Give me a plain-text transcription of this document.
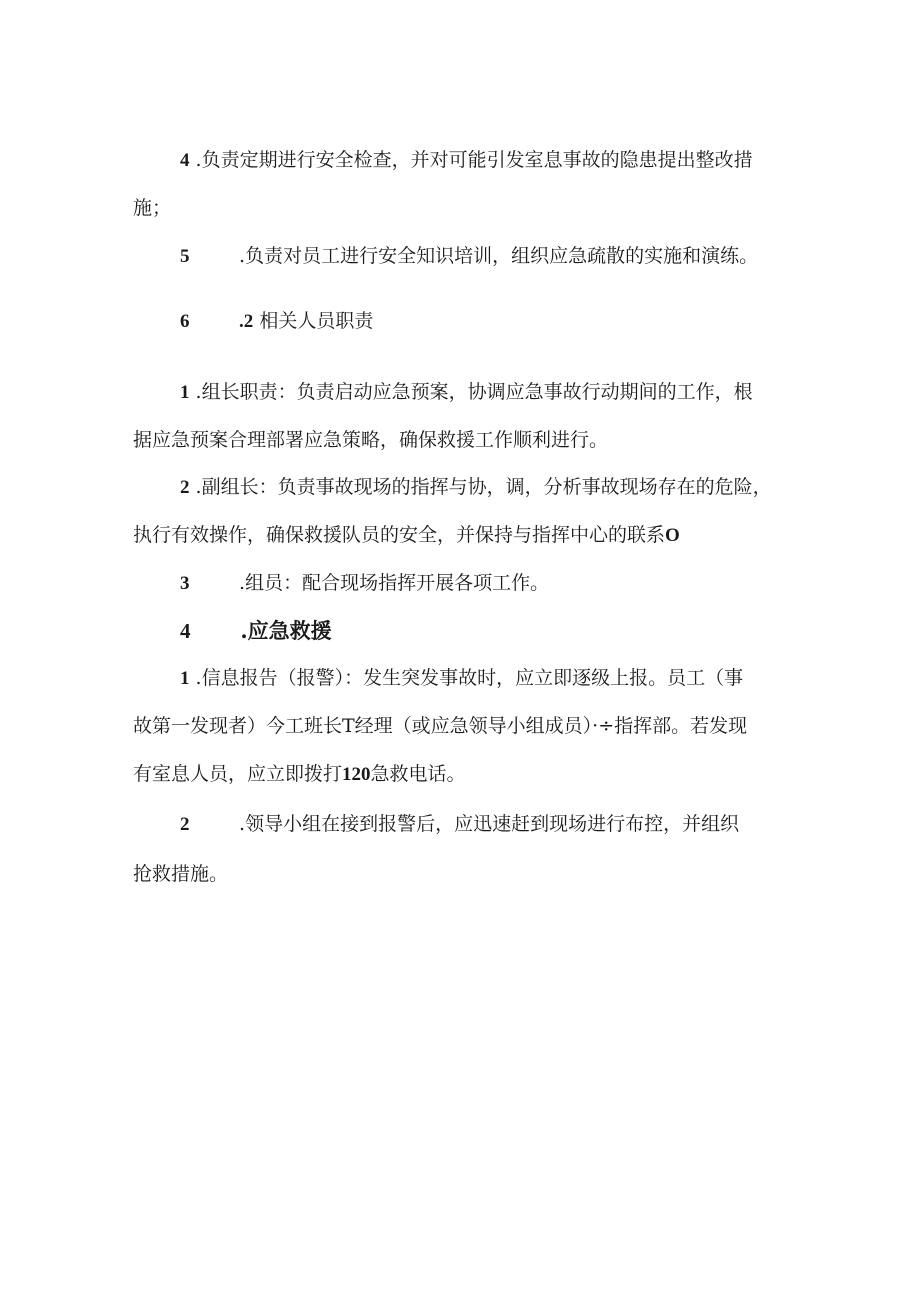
4 .负责定期进行安全检查，并对可能引发室息事故的隐患提出整改措
施；
5	.负责对员工进行安全知识培训，组织应急疏散的实施和演练。
6	.2 相关人员职责
1 .组长职责：负责启动应急预案，协调应急事故行动期间的工作，根
据应急预案合理部署应急策略，确保救援工作顺利进行。
2 .副组长：负责事故现场的指挥与协，调，分析事故现场存在的危险，
执行有效操作，确保救援队员的安全，并保持与指挥中心的联系O
3	.组员：配合现场指挥开展各项工作。
4 .应急救援
1 .信息报告（报警）：发生突发事故时，应立即逐级上报。员工（事
故第一发现者）今工班长T经理（或应急领导小组成员）·÷指挥部。若发现
有室息人员，应立即拨打120急救电话。
2	.领导小组在接到报警后，应迅速赶到现场进行布控，并组织
抢救措施。
